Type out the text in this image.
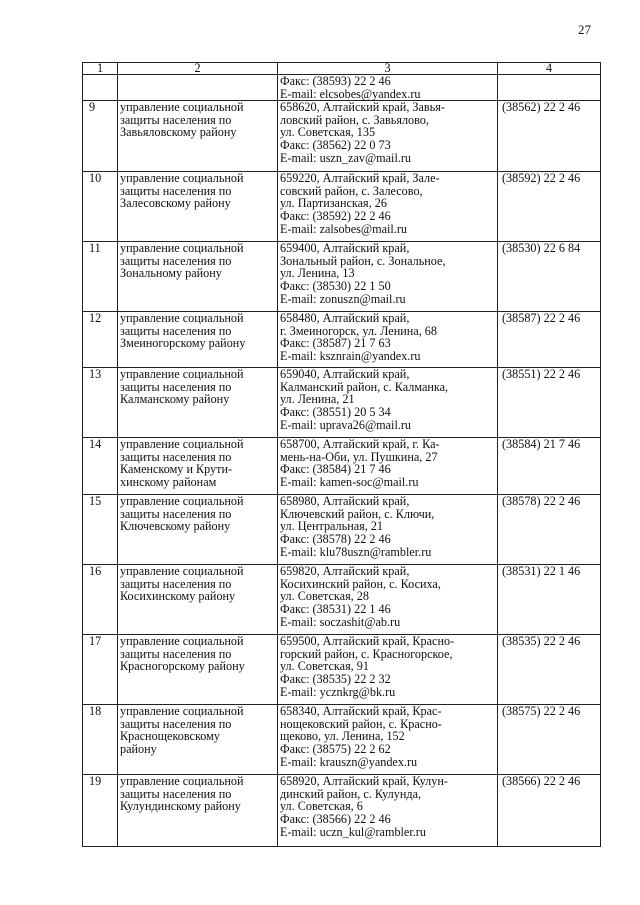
27
1	2	3	4

		Факс: (38593) 22 2 46
E-mail: elcsobes@yandex.ru	

9	управление социальной
защиты населения по
Завьяловскому району	658620, Алтайский край, Завья-
ловский район, с. Завьялово,
ул. Советская, 135
Факс: (38562) 22 0 73
E-mail: uszn_zav@mail.ru	(38562) 22 2 46
10	управление социальной
защиты населения по
Залесовскому району	659220, Алтайский край, Зале-
совский район, с. Залесово,
ул. Партизанская, 26
Факс: (38592) 22 2 46
E-mail: zalsobes@mail.ru	(38592) 22 2 46
11	управление социальной
защиты населения по
Зональному району	659400, Алтайский край,
Зональный район, с. Зональное,
ул. Ленина, 13
Факс: (38530) 22 1 50
E-mail: zonuszn@mail.ru	(38530) 22 6 84
12	управление социальной
защиты населения по
Змеиногорскому району	658480, Алтайский край,
г. Змеиногорск, ул. Ленина, 68
Факс: (38587) 21 7 63
E-mail: ksznrain@yandex.ru	(38587) 22 2 46
13	управление социальной
защиты населения по
Калманскому району	659040, Алтайский край,
Калманский район, с. Калманка,
ул. Ленина, 21
Факс: (38551) 20 5 34
E-mail: uprava26@mail.ru	(38551) 22 2 46
14	управление социальной
защиты населения по
Каменскому и Крути-
хинскому районам	658700, Алтайский край, г. Ка-
мень-на-Оби, ул. Пушкина, 27
Факс: (38584) 21 7 46
E-mail: kamen-soc@mail.ru	(38584) 21 7 46
15	управление социальной
защиты населения по
Ключевскому району	658980, Алтайский край,
Ключевский район, с. Ключи,
ул. Центральная, 21
Факс: (38578) 22 2 46
E-mail: klu78uszn@rambler.ru	(38578) 22 2 46
16	управление социальной
защиты населения по
Косихинскому району	659820, Алтайский край,
Косихинский район, с. Косиха,
ул. Советская, 28
Факс: (38531) 22 1 46
E-mail: soczashit@ab.ru	(38531) 22 1 46
17	управление социальной
защиты населения по
Красногорскому району	659500, Алтайский край, Красно-
горский район, с. Красногорское,
ул. Советская, 91
Факс: (38535) 22 2 32
E-mail: ycznkrg@bk.ru	(38535) 22 2 46
18	управление социальной
защиты населения по
Краснощековскому
району	658340, Алтайский край, Крас-
нощековский район, с. Красно-
щеково, ул. Ленина, 152
Факс: (38575) 22 2 62
E-mail: krauszn@yandex.ru	(38575) 22 2 46
19	управление социальной
защиты населения по
Кулундинскому району	658920, Алтайский край, Кулун-
динский район, с. Кулунда,
ул. Советская, 6
Факс: (38566) 22 2 46
E-mail: uczn_kul@rambler.ru	(38566) 22 2 46
